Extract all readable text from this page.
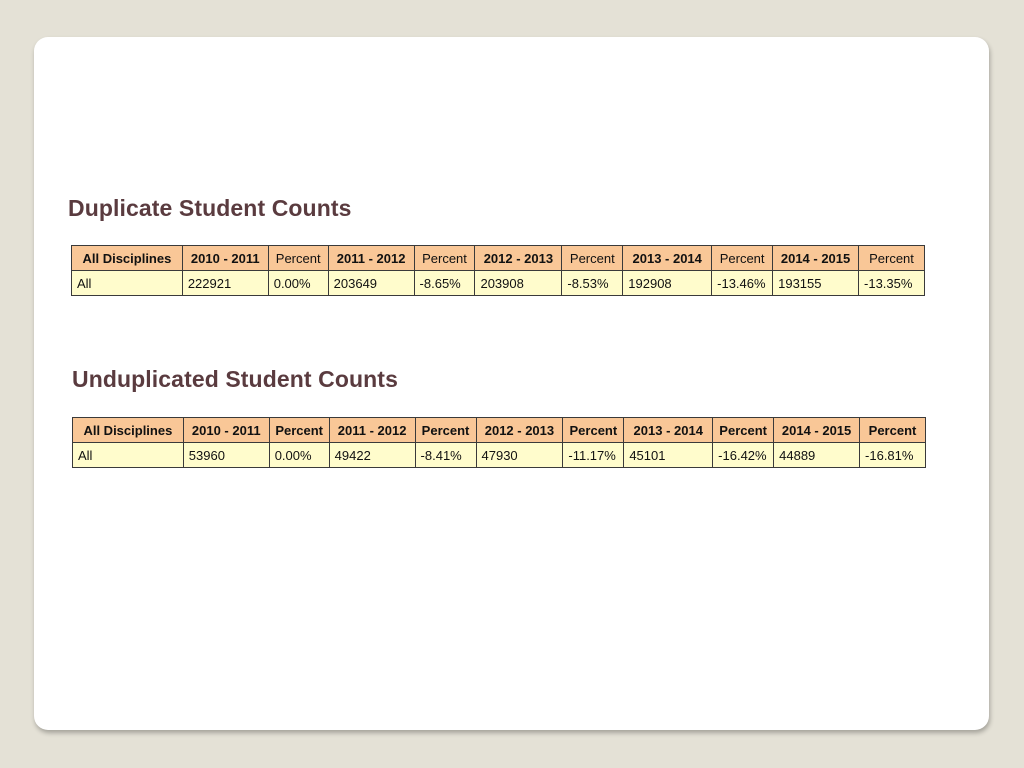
Duplicate Student Counts
All Disciplines	2010 - 2011	Percent	2011 - 2012	Percent	2012 - 2013	Percent	2013 - 2014	Percent	2014 - 2015	Percent
All	222921	0.00%	203649	-8.65%	203908	-8.53%	192908	-13.46%	193155	-13.35%
Unduplicated Student Counts
All Disciplines	2010 - 2011	Percent	2011 - 2012	Percent	2012 - 2013	Percent	2013 - 2014	Percent	2014 - 2015	Percent
All	53960	0.00%	49422	-8.41%	47930	-11.17%	45101	-16.42%	44889	-16.81%
